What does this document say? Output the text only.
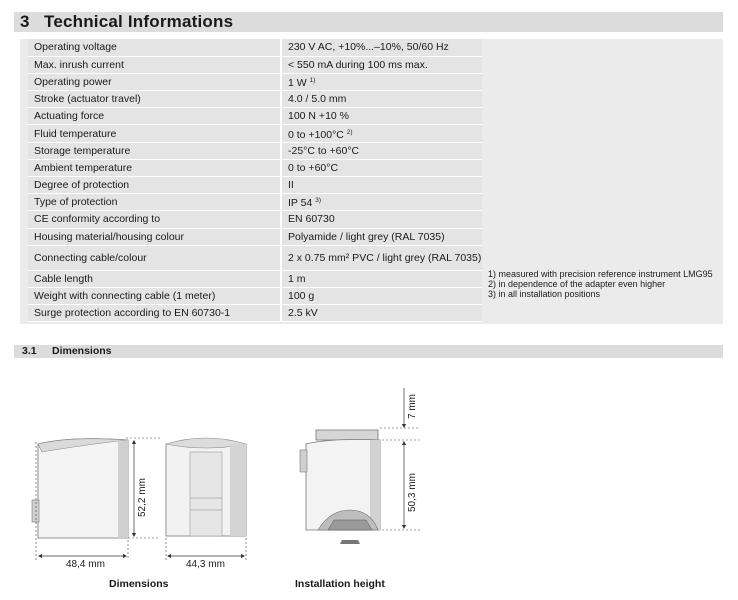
3 Technical Informations
Operating voltage	230 V AC, +10%...–10%, 50/60 Hz
Max. inrush current	< 550 mA during 100 ms max.
Operating power	1 W $^{1)}$
Stroke (actuator travel)	4.0 / 5.0 mm
Actuating force	100 N +10 %
Fluid temperature	0 to +100°C $^{2)}$
Storage temperature	-25°C to +60°C
Ambient temperature	0 to +60°C
Degree of protection	II
Type of protection	IP 54 $^{3)}$
CE conformity according to	EN 60730
Housing material/housing colour	Polyamide / light grey (RAL 7035)
Connecting cable/colour	2 x 0.75 mm² PVC / light grey (RAL 7035)
Cable length	1 m
Weight with connecting cable (1 meter)	100 g
Surge protection according to EN 60730-1	2.5 kV
1) measured with precision reference instrument LMG95
2) in dependence of the adapter even higher
3) in all installation positions
3.1 Dimensions
48,4 mm
52,2 mm
44,3 mm
7 mm
50,3 mm
Dimensions	Installation height
